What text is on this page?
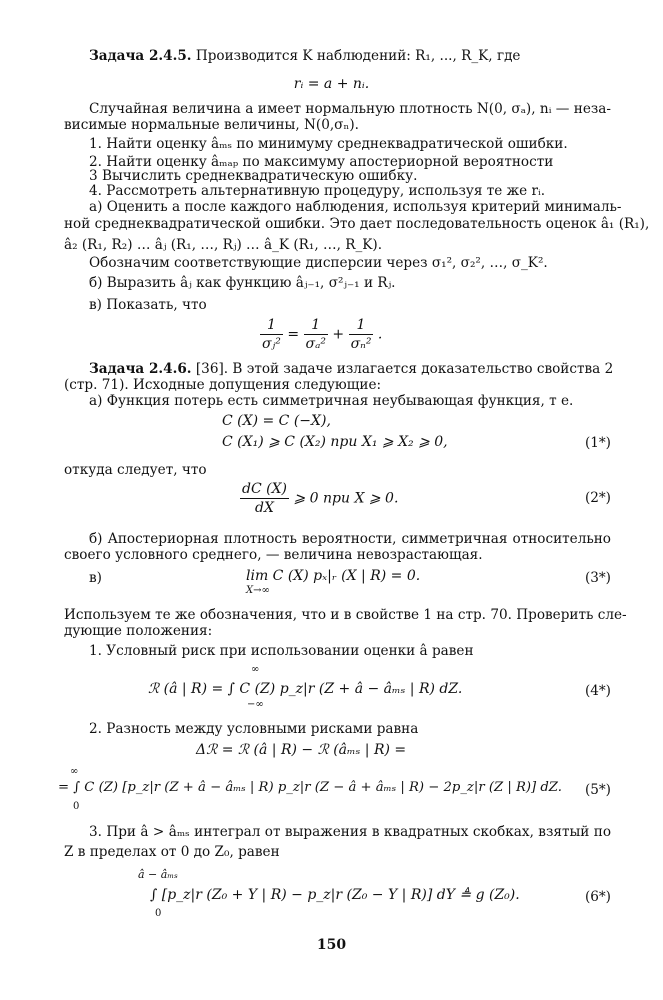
Задача 2.4.5. Производится K наблюдений: R₁, ..., R_K, где
rᵢ = a + nᵢ.
Случайная величина a имеет нормальную плотность N(0, σₐ), nᵢ — неза-
висимые нормальные величины, N(0,σₙ).
1. Найти оценку âₘₛ по минимуму среднеквадратической ошибки.
2. Найти оценку âₘₐₚ по максимуму апостериорной вероятности
3 Вычислить среднеквадратическую ошибку.
4. Рассмотреть альтернативную процедуру, используя те же rᵢ.
а) Оценить a после каждого наблюдения, используя критерий минималь-
ной среднеквадратической ошибки. Это дает последовательность оценок â₁ (R₁),
â₂ (R₁, R₂) … âⱼ (R₁, …, Rⱼ) … â_K (R₁, …, R_K).
Обозначим соответствующие дисперсии через σ₁², σ₂², …, σ_K².
б) Выразить âⱼ как функцию âⱼ₋₁, σ²ⱼ₋₁ и Rⱼ.
в) Показать, что
$\frac{1}{\text{σⱼ²}} = \frac{1}{\text{σₐ²}} + \frac{1}{\text{σₙ²}}$ .
Задача 2.4.6. [36]. В этой задаче излагается доказательство свойства 2
(стр. 71). Исходные допущения следующие:
а) Функция потерь есть симметричная неубывающая функция, т е.
C (X) = C (−X),
C (X₁) ⩾ C (X₂) при X₁ ⩾ X₂ ⩾ 0,	(1*)
откуда следует, что
$\frac{dC (X)}{dX}$ ⩾ 0 при X ⩾ 0.	(2*)
б) Апостериорная плотность вероятности, симметричная относительно
своего условного среднего, — величина невозрастающая.
в)	lim C (X) pₓ|ᵣ (X | R) = 0.
X→∞
(3*)
Используем те же обозначения, что и в свойстве 1 на стр. 70. Проверить сле-
дующие положения:
1. Условный риск при использовании оценки â равен
∞
ℛ (â | R) = ∫ C (Z) p_z|r (Z + â − âₘₛ | R) dZ.
−∞
(4*)
2. Разность между условными рисками равна
Δℛ = ℛ (â | R) − ℛ (âₘₛ | R) =
∞
= ∫ C (Z) [p_z|r (Z + â − âₘₛ | R) p_z|r (Z − â + âₘₛ | R) − 2p_z|r (Z | R)] dZ.
0
(5*)
3. При â > âₘₛ интеграл от выражения в квадратных скобках, взятый по
Z в пределах от 0 до Z₀, равен
â − âₘₛ
∫ [p_z|r (Z₀ + Y | R) − p_z|r (Z₀ − Y | R)] dY ≜ g (Z₀).
0
(6*)
150
